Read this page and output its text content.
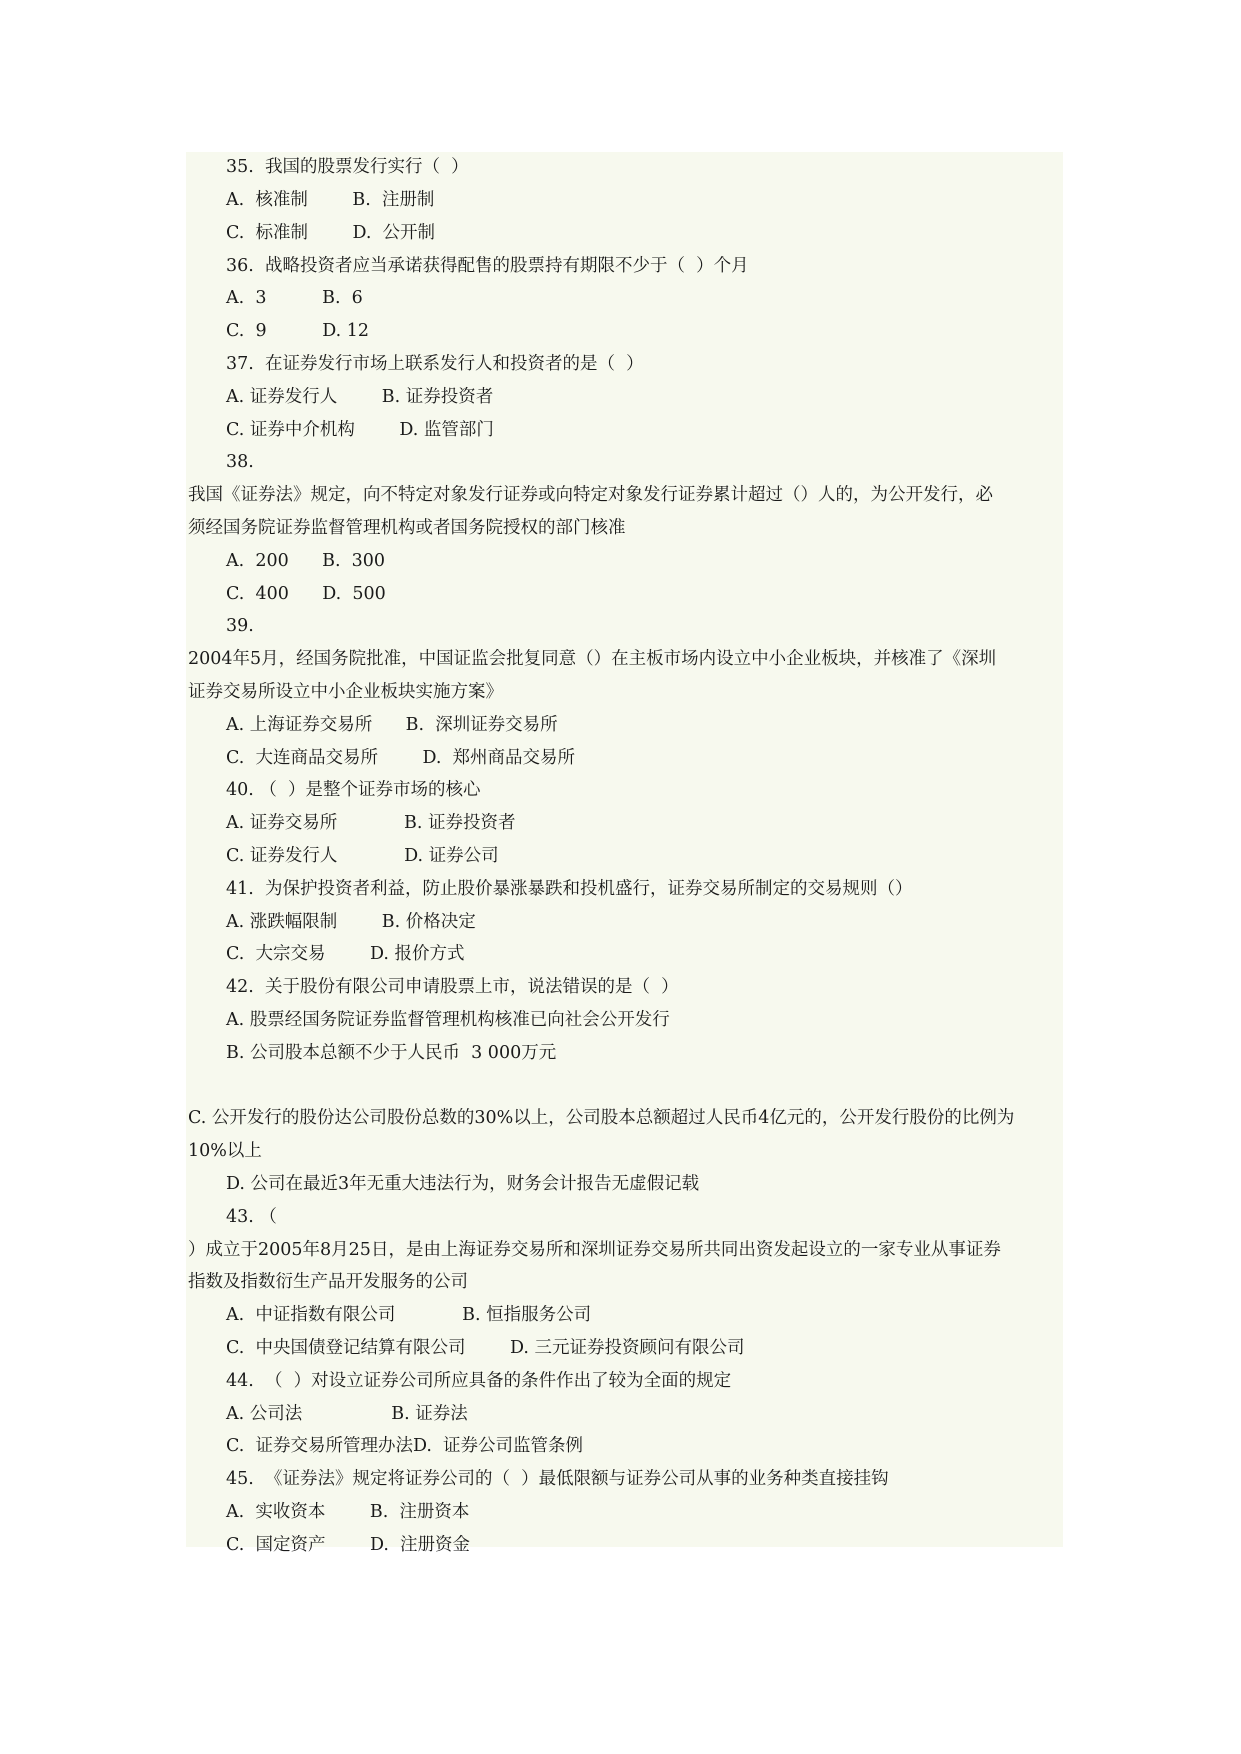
35.  我国的股票发行实行（  ）
A.  核准制        B.  注册制
C.  标准制        D.  公开制
36.  战略投资者应当承诺获得配售的股票持有期限不少于（  ）个月
A.  3          B.  6
C.  9          D. 12
37.  在证券发行市场上联系发行人和投资者的是（  ）
A. 证券发行人        B. 证券投资者
C. 证券中介机构        D. 监管部门
38.
我国《证券法》规定，向不特定对象发行证券或向特定对象发行证券累计超过（）人的，为公开发行，必
须经国务院证券监督管理机构或者国务院授权的部门核准
A.  200      B.  300
C.  400      D.  500
39.
2004年5月，经国务院批准，中国证监会批复同意（）在主板市场内设立中小企业板块，并核准了《深圳
证券交易所设立中小企业板块实施方案》
A. 上海证券交易所      B.  深圳证券交易所
C.  大连商品交易所        D.  郑州商品交易所
40. （  ）是整个证券市场的核心
A. 证券交易所            B. 证券投资者
C. 证券发行人            D. 证券公司
41.  为保护投资者利益，防止股价暴涨暴跌和投机盛行，证券交易所制定的交易规则（）
A. 涨跌幅限制        B. 价格决定
C.  大宗交易        D. 报价方式
42.  关于股份有限公司申请股票上市，说法错误的是（  ）
A. 股票经国务院证券监督管理机构核准已向社会公开发行
B. 公司股本总额不少于人民币  3 000万元
C. 公开发行的股份达公司股份总数的30%以上，公司股本总额超过人民币4亿元的，公开发行股份的比例为
10%以上
D. 公司在最近3年无重大违法行为，财务会计报告无虚假记载
43. （
）成立于2005年8月25日，是由上海证券交易所和深圳证券交易所共同出资发起设立的一家专业从事证券
指数及指数衍生产品开发服务的公司
A.  中证指数有限公司            B. 恒指服务公司
C.  中央国债登记结算有限公司        D. 三元证券投资顾问有限公司
44.  （  ）对设立证券公司所应具备的条件作出了较为全面的规定
A. 公司法                B. 证券法
C.  证券交易所管理办法D.  证券公司监管条例
45.  《证券法》规定将证券公司的（  ）最低限额与证券公司从事的业务种类直接挂钩
A.  实收资本        B.  注册资本
C.  国定资产        D.  注册资金
